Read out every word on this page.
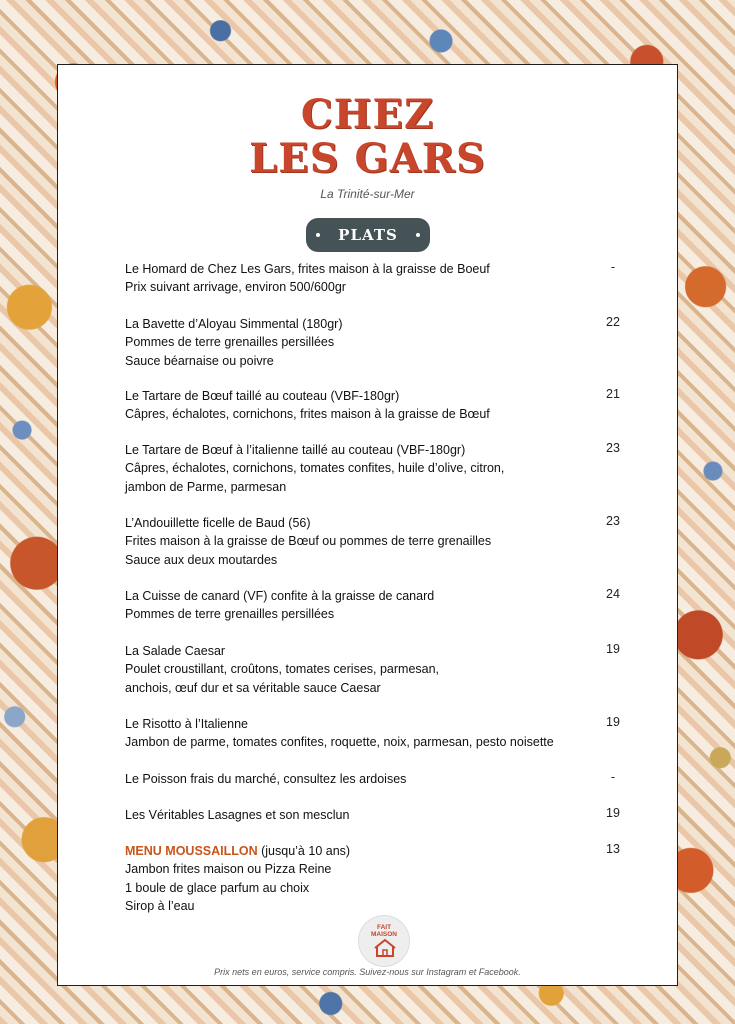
CHEZ
LES GARS
La Trinité-sur-Mer
PLATS
Le Homard de Chez Les Gars, frites maison à la graisse de Boeuf
Prix suivant arrivage, environ 500/600gr
-
La Bavette d’Aloyau Simmental (180gr)
Pommes de terre grenailles persillées
Sauce béarnaise ou poivre
22
Le Tartare de Bœuf taillé au couteau (VBF-180gr)
Câpres, échalotes, cornichons, frites maison à la graisse de Bœuf
21
Le Tartare de Bœuf à l’italienne taillé au couteau (VBF-180gr)
Câpres, échalotes, cornichons, tomates confites, huile d’olive, citron,
jambon de Parme, parmesan
23
L’Andouillette ficelle de Baud (56)
Frites maison à la graisse de Bœuf ou pommes de terre grenailles
Sauce aux deux moutardes
23
La Cuisse de canard (VF) confite à la graisse de canard
Pommes de terre grenailles persillées
24
La Salade Caesar
Poulet croustillant, croûtons, tomates cerises, parmesan,
anchois, œuf dur et sa véritable sauce Caesar
19
Le Risotto à l’Italienne
Jambon de parme, tomates confites, roquette, noix, parmesan, pesto noisette
19
Le Poisson frais du marché, consultez les ardoises	-
Les Véritables Lasagnes et son mesclun	19
MENU MOUSSAILLON (jusqu’à 10 ans)
Jambon frites maison ou Pizza Reine
1 boule de glace parfum au choix
Sirop à l’eau
13
FAIT
MAISON
Prix nets en euros, service compris. Suivez-nous sur Instagram et Facebook.
